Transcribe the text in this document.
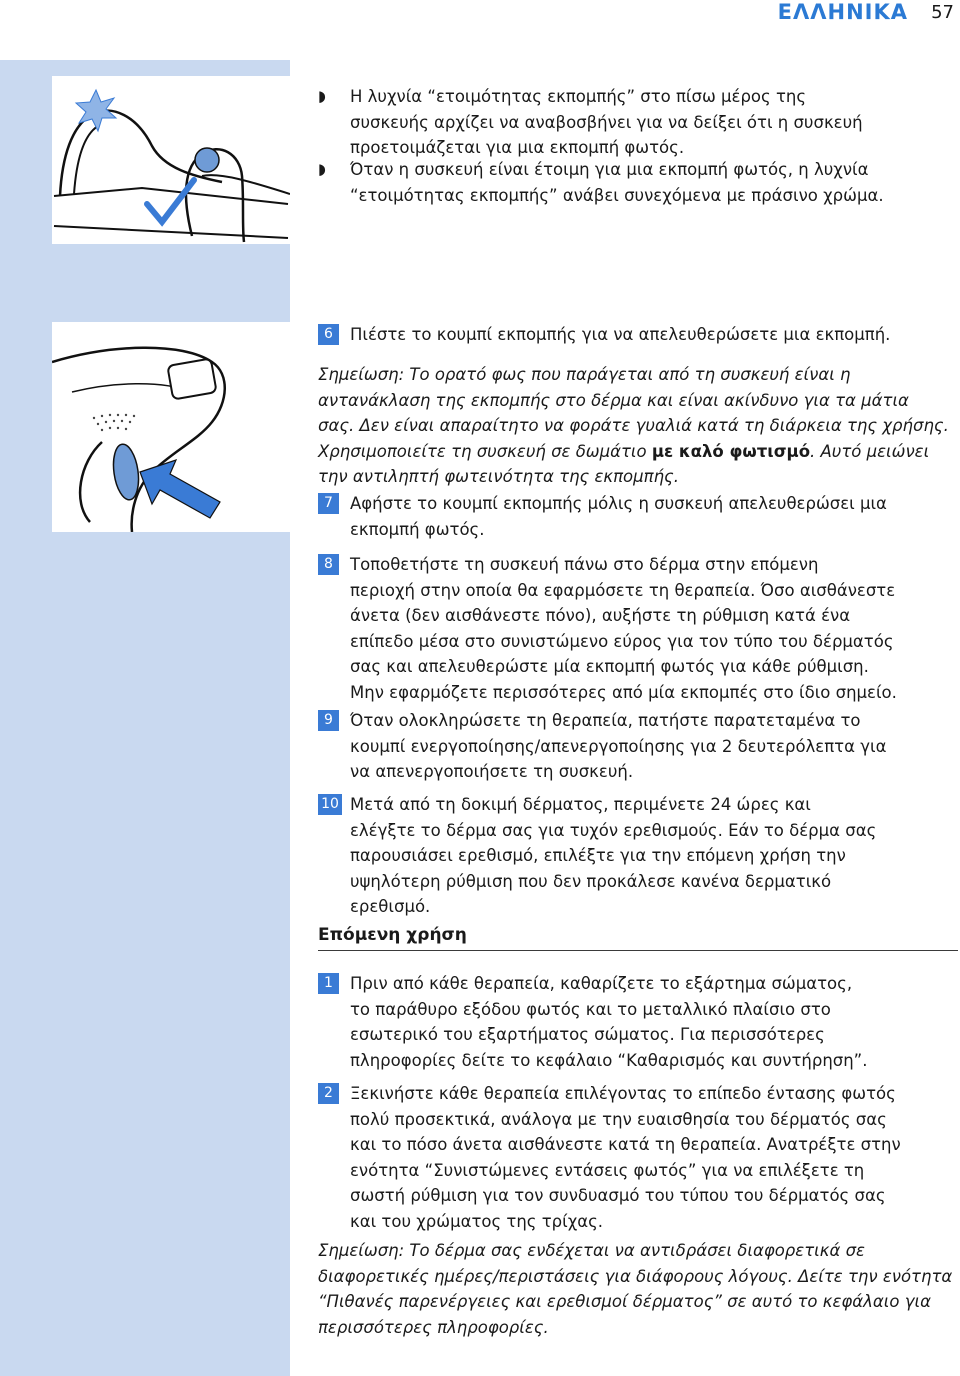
ΕΛΛΗΝΙΚΑ 57
◗ Η λυχνία “ετοιμότητας εκπομπής” στο πίσω μέρος της
συσκευής αρχίζει να αναβοσβήνει για να δείξει ότι η συσκευή
προετοιμάζεται για μια εκπομπή φωτός.
◗ Όταν η συσκευή είναι έτοιμη για μια εκπομπή φωτός, η λυχνία
“ετοιμότητας εκπομπής” ανάβει συνεχόμενα με πράσινο χρώμα.
6	Πιέστε το κουμπί εκπομπής για να απελευθερώσετε μια εκπομπή.
Σημείωση: Το ορατό φως που παράγεται από τη συσκευή είναι η
αντανάκλαση της εκπομπής στο δέρμα και είναι ακίνδυνο για τα μάτια
σας. Δεν είναι απαραίτητο να φοράτε γυαλιά κατά τη διάρκεια της χρήσης.
Χρησιμοποιείτε τη συσκευή σε δωμάτιο με καλό φωτισμό. Αυτό μειώνει
την αντιληπτή φωτεινότητα της εκπομπής.
7	Αφήστε το κουμπί εκπομπής μόλις η συσκευή απελευθερώσει μια
εκπομπή φωτός.
8	Τοποθετήστε τη συσκευή πάνω στο δέρμα στην επόμενη
περιοχή στην οποία θα εφαρμόσετε τη θεραπεία. Όσο αισθάνεστε
άνετα (δεν αισθάνεστε πόνο), αυξήστε τη ρύθμιση κατά ένα
επίπεδο μέσα στο συνιστώμενο εύρος για τον τύπο του δέρματός
σας και απελευθερώστε μία εκπομπή φωτός για κάθε ρύθμιση.
Μην εφαρμόζετε περισσότερες από μία εκπομπές στο ίδιο σημείο.
9	Όταν ολοκληρώσετε τη θεραπεία, πατήστε παρατεταμένα το
κουμπί ενεργοποίησης/απενεργοποίησης για 2 δευτερόλεπτα για
να απενεργοποιήσετε τη συσκευή.
10 Μετά από τη δοκιμή δέρματος, περιμένετε 24 ώρες και
ελέγξτε το δέρμα σας για τυχόν ερεθισμούς. Εάν το δέρμα σας
παρουσιάσει ερεθισμό, επιλέξτε για την επόμενη χρήση την
υψηλότερη ρύθμιση που δεν προκάλεσε κανένα δερματικό
ερεθισμό.
Επόμενη χρήση
1	Πριν από κάθε θεραπεία, καθαρίζετε το εξάρτημα σώματος,
το παράθυρο εξόδου φωτός και το μεταλλικό πλαίσιο στο
εσωτερικό του εξαρτήματος σώματος. Για περισσότερες
πληροφορίες δείτε το κεφάλαιο “Καθαρισμός και συντήρηση”.
2	Ξεκινήστε κάθε θεραπεία επιλέγοντας το επίπεδο έντασης φωτός
πολύ προσεκτικά, ανάλογα με την ευαισθησία του δέρματός σας
και το πόσο άνετα αισθάνεστε κατά τη θεραπεία. Ανατρέξτε στην
ενότητα “Συνιστώμενες εντάσεις φωτός” για να επιλέξετε τη
σωστή ρύθμιση για τον συνδυασμό του τύπου του δέρματός σας
και του χρώματος της τρίχας.
Σημείωση: Το δέρμα σας ενδέχεται να αντιδράσει διαφορετικά σε
διαφορετικές ημέρες/περιστάσεις για διάφορους λόγους. Δείτε την ενότητα
“Πιθανές παρενέργειες και ερεθισμοί δέρματος” σε αυτό το κεφάλαιο για
περισσότερες πληροφορίες.
